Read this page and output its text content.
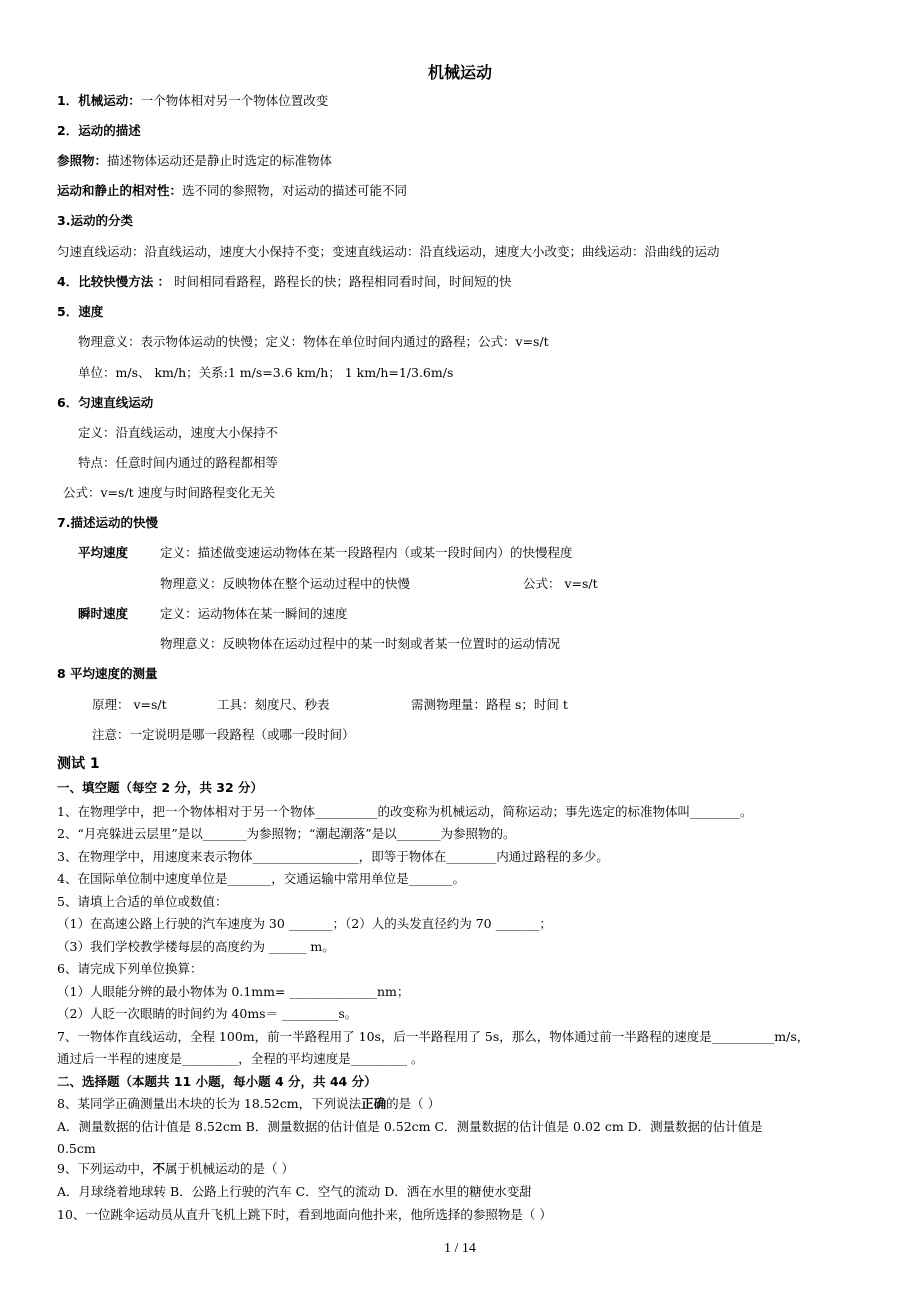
机械运动
1．机械运动：一个物体相对另一个物体位置改变
2．运动的描述
参照物：描述物体运动还是静止时选定的标准物体
运动和静止的相对性：选不同的参照物，对运动的描述可能不同
3.运动的分类
匀速直线运动：沿直线运动，速度大小保持不变；变速直线运动：沿直线运动，速度大小改变；曲线运动：沿曲线的运动
4．比较快慢方法 ： 时间相同看路程，路程长的快；路程相同看时间，时间短的快
5．速度
物理意义：表示物体运动的快慢；定义：物体在单位时间内通过的路程；公式：v=s/t
单位：m/s、 km/h；关系:1 m/s=3.6 km/h； 1 km/h=1/3.6m/s
6．匀速直线运动
定义：沿直线运动，速度大小保持不
特点：任意时间内通过的路程都相等
公式：v=s/t 速度与时间路程变化无关
7.描述运动的快慢
平均速度	定义：描述做变速运动物体在某一段路程内（或某一段时间内）的快慢程度
物理意义：反映物体在整个运动过程中的快慢	公式： v=s/t
瞬时速度	定义：运动物体在某一瞬间的速度
物理意义：反映物体在运动过程中的某一时刻或者某一位置时的运动情况
8 平均速度的测量
原理： v=s/t	工具：刻度尺、秒表	需测物理量：路程 s；时间 t
注意：一定说明是哪一段路程（或哪一段时间）
测试 1
一、填空题（每空 2 分，共 32 分）
1、在物理学中，把一个物体相对于另一个物体__________的改变称为机械运动，简称运动；事先选定的标准物体叫________。
2、“月亮躲进云层里”是以_______为参照物；“潮起潮落”是以_______为参照物的。
3、在物理学中，用速度来表示物体_________________，即等于物体在________内通过路程的多少。
4、在国际单位制中速度单位是_______，交通运输中常用单位是_______。
5、请填上合适的单位或数值：
（1）在高速公路上行驶的汽车速度为 30 _______；（2）人的头发直径约为 70 _______；
（3）我们学校教学楼每层的高度约为 ______ m。
6、请完成下列单位换算：
（1）人眼能分辨的最小物体为 0.1mm= ______________nm；
（2）人眨一次眼睛的时间约为 40ms＝ _________s。
7、一物体作直线运动，全程 100m，前一半路程用了 10s，后一半路程用了 5s，那么，物体通过前一半路程的速度是__________m/s，
通过后一半程的速度是_________，全程的平均速度是_________ 。
二、选择题（本题共 11 小题，每小题 4 分，共 44 分）
8、某同学正确测量出木块的长为 18.52cm，下列说法正确的是（ ）
A．测量数据的估计值是 8.52cm B．测量数据的估计值是 0.52cm C．测量数据的估计值是 0.02 cm D．测量数据的估计值是
0.5cm
9、下列运动中，不属于机械运动的是（ ）
A．月球绕着地球转 B．公路上行驶的汽车 C．空气的流动 D．洒在水里的糖使水变甜
10、一位跳伞运动员从直升飞机上跳下时，看到地面向他扑来，他所选择的参照物是（ ）
1 / 14
